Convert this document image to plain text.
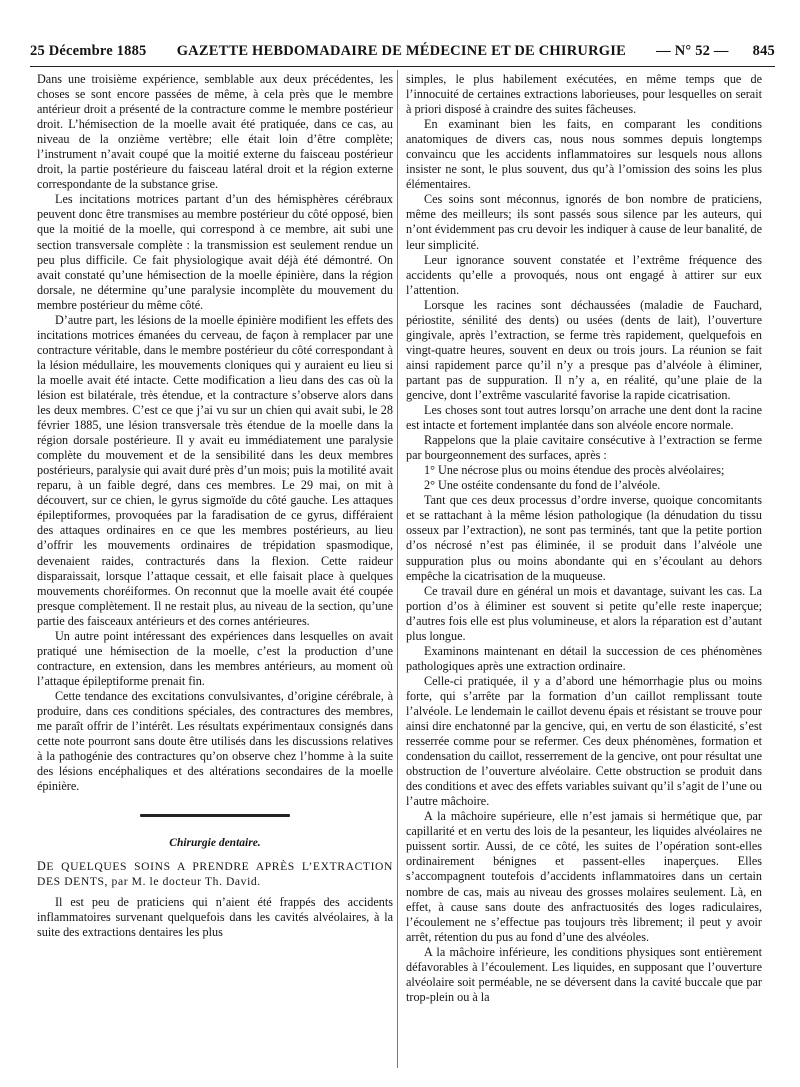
25 Décembre 1885 GAZETTE HEBDOMADAIRE DE MÉDECINE ET DE CHIRURGIE — N° 52 — 845

Dans une troisième expérience, semblable aux deux précédentes, les choses se sont encore passées de même, à cela près que le membre antérieur droit a présenté de la contracture comme le membre postérieur droit. L’hémisection de la moelle avait été pratiquée, dans ce cas, au niveau de la onzième vertèbre; elle était loin d’être complète; l’instrument n’avait coupé que la moitié externe du faisceau postérieur droit, la partie postérieure du faisceau latéral droit et la région externe correspondante de la substance grise.

Les incitations motrices partant d’un des hémisphères cérébraux peuvent donc être transmises au membre postérieur du côté opposé, bien que la moitié de la moelle, qui correspond à ce membre, ait subi une section transversale complète : la transmission est seulement rendue un peu plus difficile. Ce fait physiologique avait déjà été démontré. On avait constaté qu’une hémisection de la moelle épinière, dans la région dorsale, ne détermine qu’une paralysie incomplète du mouvement du membre postérieur du même côté.

D’autre part, les lésions de la moelle épinière modifient les effets des incitations motrices émanées du cerveau, de façon à remplacer par une contracture véritable, dans le membre postérieur du côté correspondant à la lésion médullaire, les mouvements cloniques qui y auraient eu lieu si la moelle avait été intacte. Cette modification a lieu dans des cas où la lésion est bilatérale, très étendue, et la contracture s’observe alors dans les deux membres. C’est ce que j’ai vu sur un chien qui avait subi, le 28 février 1885, une lésion transversale très étendue de la moelle dans la région dorsale postérieure. Il y avait eu immédiatement une paralysie complète du mouvement et de la sensibilité dans les deux membres postérieurs, paralysie qui avait duré près d’un mois; puis la motilité avait reparu, à un faible degré, dans ces membres. Le 29 mai, on mit à découvert, sur ce chien, le gyrus sigmoïde du côté gauche. Les attaques épileptiformes, provoquées par la faradisation de ce gyrus, différaient des attaques ordinaires en ce que les membres postérieurs, au lieu d’offrir les mouvements ordinaires de trépidation spasmodique, devenaient raides, contracturés dans la flexion. Cette raideur disparaissait, lorsque l’attaque cessait, et elle faisait place à quelques mouvements choréiformes. On reconnut que la moelle avait été coupée presque complètement. Il ne restait plus, au niveau de la section, qu’une partie des faisceaux antérieurs et des cornes antérieures.

Un autre point intéressant des expériences dans lesquelles on avait pratiqué une hémisection de la moelle, c’est la production d’une contracture, en extension, dans les membres antérieurs, au moment où l’attaque épileptiforme prenait fin.

Cette tendance des excitations convulsivantes, d’origine cérébrale, à produire, dans ces conditions spéciales, des contractures des membres, me paraît offrir de l’intérêt. Les résultats expérimentaux consignés dans cette note pourront sans doute être utilisés dans les discussions relatives à la pathogénie des contractures qu’on observe chez l’homme à la suite des lésions encéphaliques et des altérations secondaires de la moelle épinière.

Chirurgie dentaire.

DE QUELQUES SOINS A PRENDRE APRÈS L’EXTRACTION DES DENTS, par M. le docteur Th. David.

Il est peu de praticiens qui n’aient été frappés des accidents inflammatoires survenant quelquefois dans les cavités alvéolaires, à la suite des extractions dentaires les plus

simples, le plus habilement exécutées, en même temps que de l’innocuité de certaines extractions laborieuses, pour lesquelles on serait à priori disposé à craindre des suites fâcheuses.

En examinant bien les faits, en comparant les conditions anatomiques de divers cas, nous nous sommes depuis longtemps convaincu que les accidents inflammatoires sur lesquels nous allons insister ne sont, le plus souvent, dus qu’à l’omission des soins les plus élémentaires.

Ces soins sont méconnus, ignorés de bon nombre de praticiens, même des meilleurs; ils sont passés sous silence par les auteurs, qui n’ont évidemment pas cru devoir les indiquer à cause de leur banalité, de leur simplicité.

Leur ignorance souvent constatée et l’extrême fréquence des accidents qu’elle a provoqués, nous ont engagé à attirer sur eux l’attention.

Lorsque les racines sont déchaussées (maladie de Fauchard, périostite, sénilité des dents) ou usées (dents de lait), l’ouverture gingivale, après l’extraction, se ferme très rapidement, quelquefois en vingt-quatre heures, souvent en deux ou trois jours. La réunion se fait ainsi rapidement parce qu’il n’y a presque pas d’alvéole à éliminer, partant pas de suppuration. Il n’y a, en réalité, qu’une plaie de la gencive, dont l’extrême vascularité favorise la rapide cicatrisation.

Les choses sont tout autres lorsqu’on arrache une dent dont la racine est intacte et fortement implantée dans son alvéole encore normale.

Rappelons que la plaie cavitaire consécutive à l’extraction se ferme par bourgeonnement des surfaces, après :

1° Une nécrose plus ou moins étendue des procès alvéolaires;

2° Une ostéite condensante du fond de l’alvéole.

Tant que ces deux processus d’ordre inverse, quoique concomitants et se rattachant à la même lésion pathologique (la dénudation du tissu osseux par l’extraction), ne sont pas terminés, tant que la petite portion d’os nécrosé n’est pas éliminée, il se produit dans l’alvéole une suppuration plus ou moins abondante qui en s’écoulant au dehors empêche la cicatrisation de la muqueuse.

Ce travail dure en général un mois et davantage, suivant les cas. La portion d’os à éliminer est souvent si petite qu’elle reste inaperçue; d’autres fois elle est plus volumineuse, et alors la réparation est d’autant plus longue.

Examinons maintenant en détail la succession de ces phénomènes pathologiques après une extraction ordinaire.

Celle-ci pratiquée, il y a d’abord une hémorrhagie plus ou moins forte, qui s’arrête par la formation d’un caillot remplissant toute l’alvéole. Le lendemain le caillot devenu épais et résistant se trouve pour ainsi dire enchatonné par la gencive, qui, en vertu de son élasticité, s’est resserrée comme pour se refermer. Ces deux phénomènes, formation et condensation du caillot, resserrement de la gencive, ont pour résultat une obstruction de l’ouverture alvéolaire. Cette obstruction se produit dans des conditions et avec des effets variables suivant qu’il s’agit de l’une ou l’autre mâchoire.

A la mâchoire supérieure, elle n’est jamais si hermétique que, par capillarité et en vertu des lois de la pesanteur, les liquides alvéolaires ne puissent sortir. Aussi, de ce côté, les suites de l’opération sont-elles ordinairement bénignes et passent-elles inaperçues. Elles s’accompagnent toutefois d’accidents inflammatoires dans un certain nombre de cas, mais au niveau des grosses molaires seulement. Là, en effet, à cause sans doute des anfractuosités des loges radiculaires, l’écoulement ne s’effectue pas toujours très librement; il peut y avoir arrêt, rétention du pus au fond d’une des alvéoles.

A la mâchoire inférieure, les conditions physiques sont entièrement défavorables à l’écoulement. Les liquides, en supposant que l’ouverture alvéolaire soit perméable, ne se déversent dans la cavité buccale que par trop-plein ou à la
